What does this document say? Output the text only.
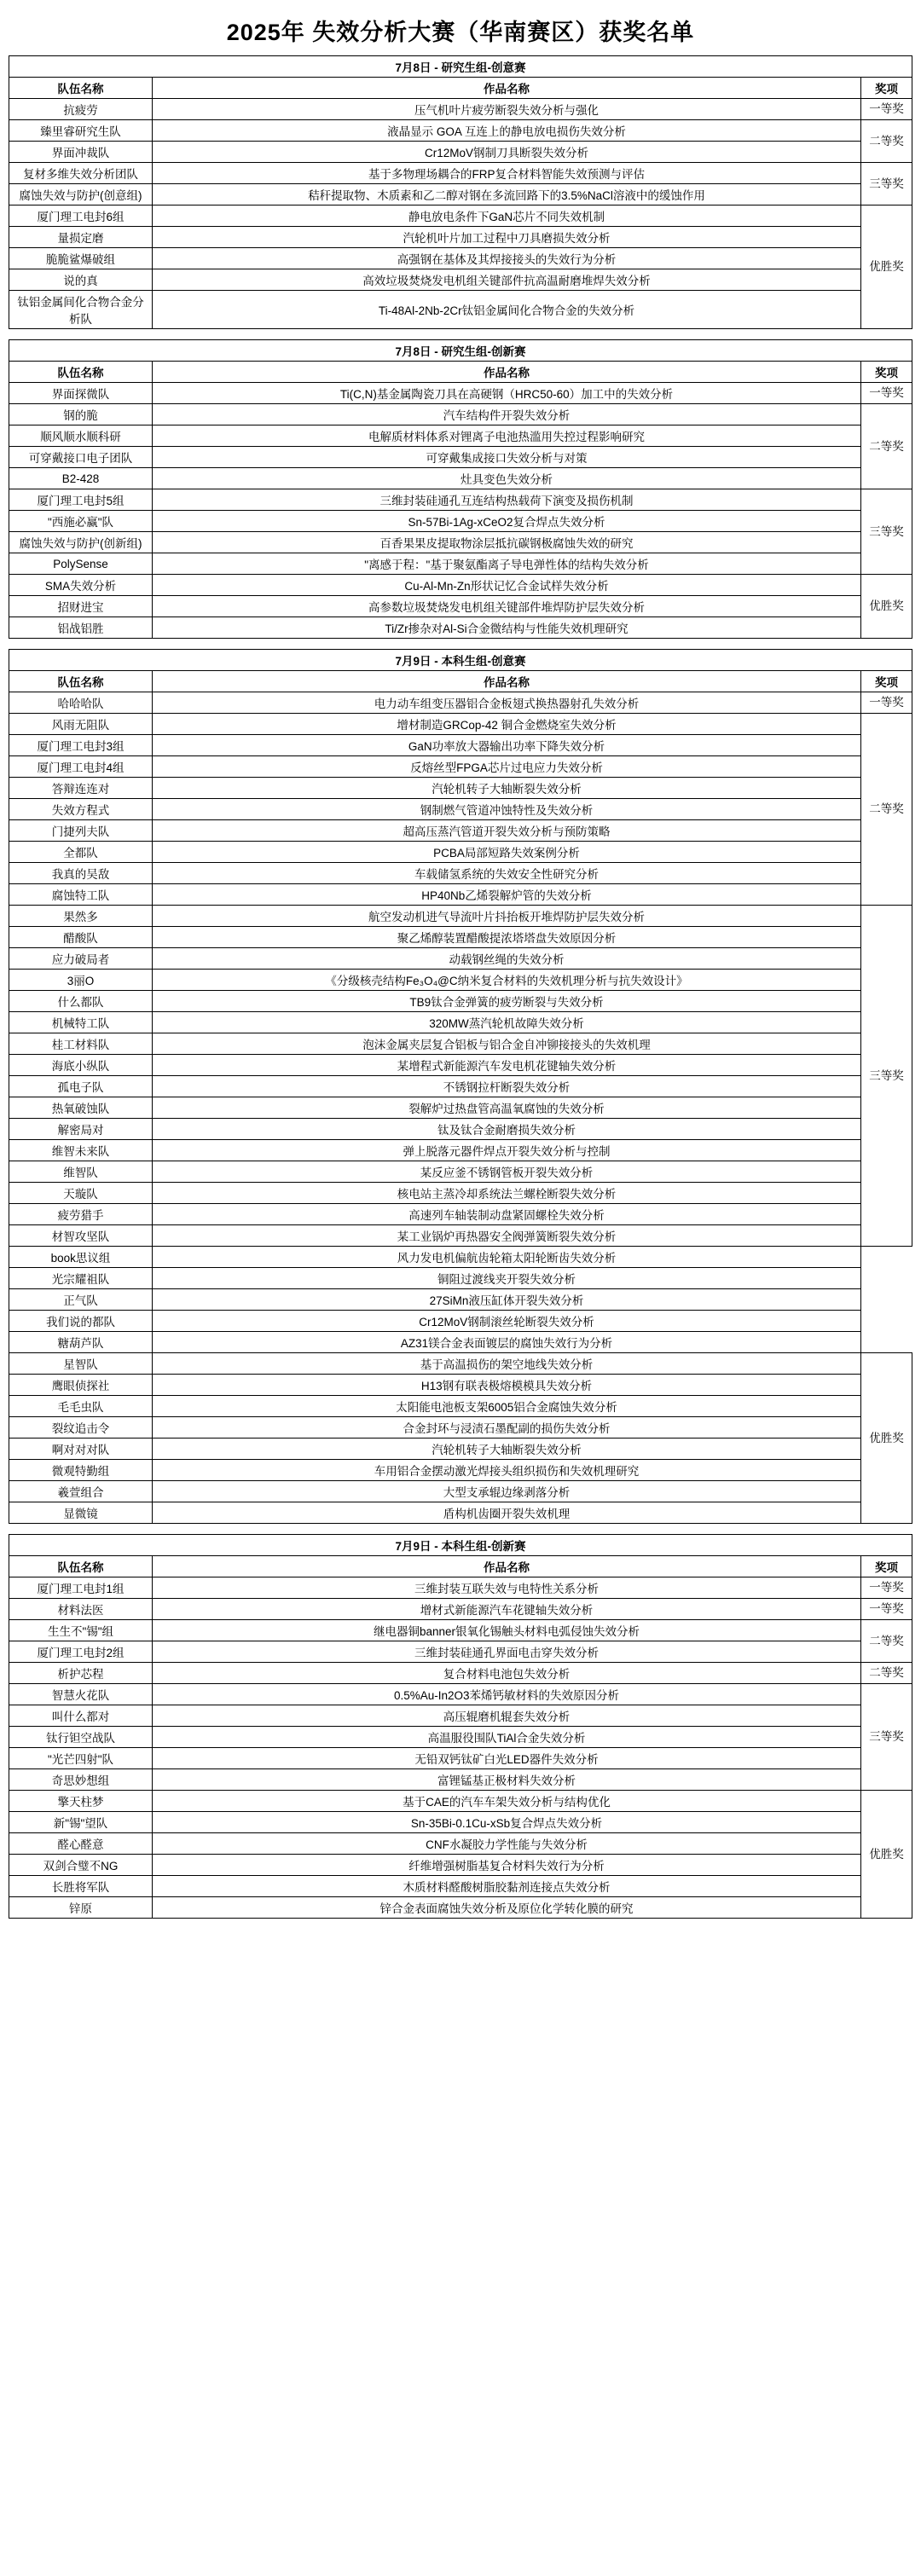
2025年 失效分析大赛（华南赛区）获奖名单
7月8日 - 研究生组-创意赛		
队伍名称	作品名称	奖项
抗疲劳	压气机叶片疲劳断裂失效分析与强化	一等奖
臻里睿研究生队	液晶显示 GOA 互连上的静电放电损伤失效分析	二等奖
界面冲裁队	Cr12MoV钢制刀具断裂失效分析	
复材多维失效分析团队	基于多物理场耦合的FRP复合材料智能失效预测与评估	三等奖
腐蚀失效与防护(创意组)	秸秆提取物、木质素和乙二醇对钢在多流回路下的3.5%NaCl溶液中的缓蚀作用	
厦门理工电封6组	静电放电条件下GaN芯片不同失效机制	优胜奖
量损定磨	汽轮机叶片加工过程中刀具磨损失效分析	
脆脆鲨爆破组	高强钢在基体及其焊接接头的失效行为分析	
说的真	高效垃圾焚烧发电机组关键部件抗高温耐磨堆焊失效分析	
钛铝金属间化合物合金分析队	Ti-48Al-2Nb-2Cr钛铝金属间化合物合金的失效分析	
7月8日 - 研究生组-创新赛		
队伍名称	作品名称	奖项
界面探微队	Ti(C,N)基金属陶瓷刀具在高硬钢（HRC50-60）加工中的失效分析	一等奖
钢的脆	汽车结构件开裂失效分析	二等奖
顺风顺水顺科研	电解质材料体系对锂离子电池热滥用失控过程影响研究	
可穿戴接口电子团队	可穿戴集成接口失效分析与对策	
B2-428	灶具变色失效分析	
厦门理工电封5组	三维封装硅通孔互连结构热载荷下演变及损伤机制	三等奖
"西施必赢"队	Sn-57Bi-1Ag-xCeO2复合焊点失效分析	
腐蚀失效与防护(创新组)	百香果果皮提取物涂层抵抗碳钢极腐蚀失效的研究	
PolySense	"离感于程："基于聚氨酯离子导电弹性体的结构失效分析	
SMA失效分析	Cu-Al-Mn-Zn形状记忆合金试样失效分析	优胜奖
招财进宝	高参数垃圾焚烧发电机组关键部件堆焊防护层失效分析	
铝战铝胜	Ti/Zr掺杂对Al-Si合金微结构与性能失效机理研究	
7月9日 - 本科生组-创意赛		
队伍名称	作品名称	奖项
哈哈哈队	电力动车组变压器铝合金板翅式换热器射孔失效分析	一等奖
风雨无阻队	增材制造GRCop-42 铜合金燃烧室失效分析	二等奖
厦门理工电封3组	GaN功率放大器输出功率下降失效分析	
厦门理工电封4组	反熔丝型FPGA芯片过电应力失效分析	
答辩连连对	汽轮机转子大轴断裂失效分析	
失效方程式	钢制燃气管道冲蚀特性及失效分析	
门捷列夫队	超高压蒸汽管道开裂失效分析与预防策略	
全都队	PCBA局部短路失效案例分析	
我真的吴敌	车载储氢系统的失效安全性研究分析	
腐蚀特工队	HP40Nb乙烯裂解炉管的失效分析	
果然多	航空发动机进气导流叶片抖抬板开堆焊防护层失效分析	三等奖
醋酸队	聚乙烯醇装置醋酸提浓塔塔盘失效原因分析	
应力破局者	动载钢丝绳的失效分析	
3丽O	《分级核壳结构Fe₃O₄@C纳米复合材料的失效机理分析与抗失效设计》	
什么都队	TB9钛合金弹簧的疲劳断裂与失效分析	
机械特工队	320MW蒸汽轮机故障失效分析	
桂工材料队	泡沫金属夹层复合铝板与铝合金自冲铆接接头的失效机理	
海底小纵队	某增程式新能源汽车发电机花键轴失效分析	
孤电子队	不锈钢拉杆断裂失效分析	
热氧破蚀队	裂解炉过热盘管高温氧腐蚀的失效分析	
解密局对	钛及钛合金耐磨损失效分析	
维智未来队	弹上脱落元器件焊点开裂失效分析与控制	
维智队	某反应釜不锈钢管板开裂失效分析	
天璇队	核电站主蒸冷却系统法兰螺栓断裂失效分析	
疲劳猎手	高速列车轴装制动盘紧固螺栓失效分析	
材智攻坚队	某工业锅炉再热器安全阀弹簧断裂失效分析	
book思议组	风力发电机偏航齿轮箱太阳轮断齿失效分析	
光宗耀祖队	铜阻过渡线夹开裂失效分析	
正气队	27SiMn液压缸体开裂失效分析	
我们说的都队	Cr12MoV钢制滚丝轮断裂失效分析	
糖葫芦队	AZ31镁合金表面镀层的腐蚀失效行为分析	
星智队	基于高温损伤的架空地线失效分析	优胜奖
鹰眼侦探社	H13钢有联表极熔模模具失效分析	
毛毛虫队	太阳能电池板支架6005铝合金腐蚀失效分析	
裂纹追击令	合金封环与浸渍石墨配副的损伤失效分析	
啊对对对队	汽轮机转子大轴断裂失效分析	
微观特勤组	车用铝合金摆动激光焊接头组织损伤和失效机理研究	
羲萱组合	大型支承辊边缘剥落分析	
显微镜	盾构机齿圈开裂失效机理	
7月9日 - 本科生组-创新赛		
队伍名称	作品名称	奖项
厦门理工电封1组	三维封装互联失效与电特性关系分析	一等奖
材料法医	增材式新能源汽车花键轴失效分析	一等奖
生生不"锡"组	继电器铜banner银氧化锡触头材料电弧侵蚀失效分析	二等奖
厦门理工电封2组	三维封装硅通孔界面电击穿失效分析	
析护芯程	复合材料电池包失效分析	二等奖
智慧火花队	0.5%Au-In2O3苯烯钙敏材料的失效原因分析	三等奖
叫什么都对	高压辊磨机辊套失效分析	
钛行钽空战队	高温服役围队TiAl合金失效分析	
"光芒四射"队	无铅双钙钛矿白光LED器件失效分析	
奇思妙想组	富锂锰基正极材料失效分析	
擎天柱梦	基于CAE的汽车车架失效分析与结构优化	优胜奖
新"锡"望队	Sn-35Bi-0.1Cu-xSb复合焊点失效分析	
醛心醛意	CNF水凝胶力学性能与失效分析	
双剑合璧不NG	纤维增强树脂基复合材料失效行为分析	
长胜将军队	木质材料醛酸树脂胶黏剂连接点失效分析	
锌原	锌合金表面腐蚀失效分析及原位化学转化膜的研究	
